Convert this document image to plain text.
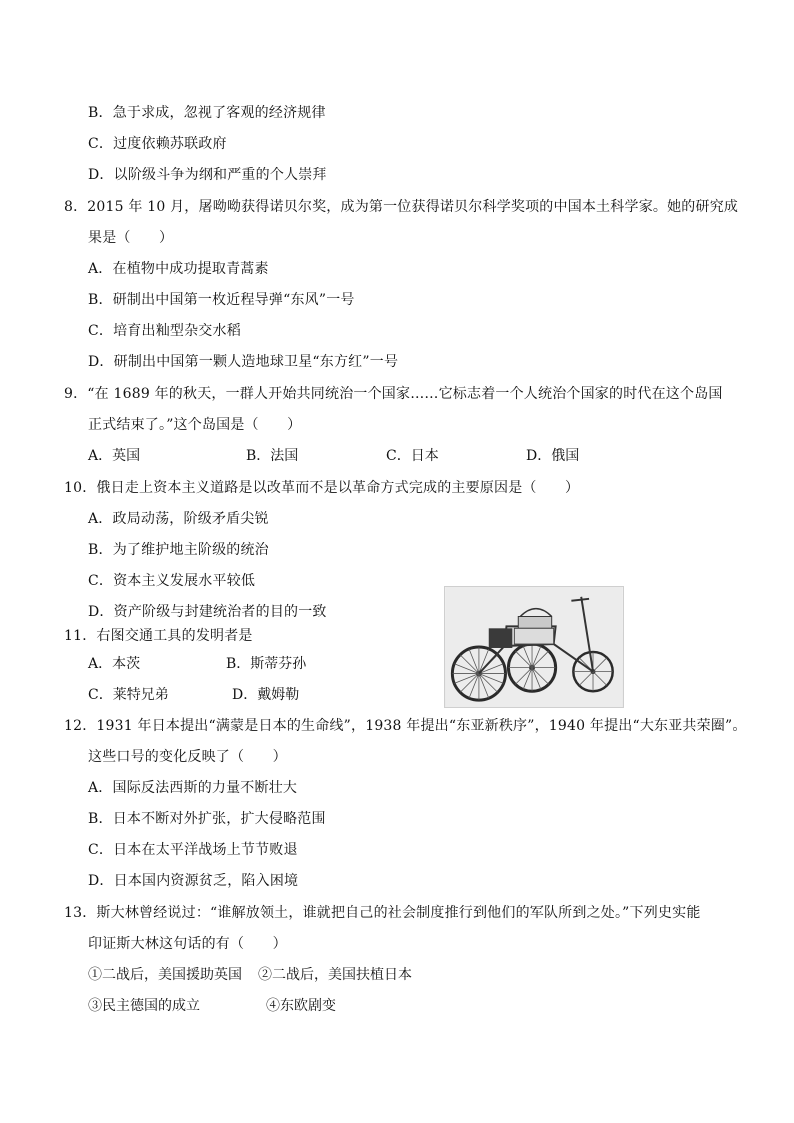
B．急于求成，忽视了客观的经济规律
C．过度依赖苏联政府
D．以阶级斗争为纲和严重的个人崇拜
8．2015 年 10 月，屠呦呦获得诺贝尔奖，成为第一位获得诺贝尔科学奖项的中国本土科学家。她的研究成
果是（　　）
A．在植物中成功提取青蒿素
B．研制出中国第一枚近程导弹“东风”一号
C．培育出籼型杂交水稻
D．研制出中国第一颗人造地球卫星“东方红”一号
9．“在 1689 年的秋天，一群人开始共同统治一个国家……它标志着一个人统治个国家的时代在这个岛国
正式结束了。”这个岛国是（　　）
A．英国	B．法国	C．日本	D．俄国
10．俄日走上资本主义道路是以改革而不是以革命方式完成的主要原因是（　　）
A．政局动荡，阶级矛盾尖锐
B．为了维护地主阶级的统治
C．资本主义发展水平较低
D．资产阶级与封建统治者的目的一致
11．右图交通工具的发明者是
A．本茨	B．斯蒂芬孙
C．莱特兄弟	D．戴姆勒
12．1931 年日本提出“满蒙是日本的生命线”，1938 年提出“东亚新秩序”，1940 年提出“大东亚共荣圈”。
这些口号的变化反映了（　　）
A．国际反法西斯的力量不断壮大
B．日本不断对外扩张，扩大侵略范围
C．日本在太平洋战场上节节败退
D．日本国内资源贫乏，陷入困境
13．斯大林曾经说过：“谁解放领土，谁就把自己的社会制度推行到他们的军队所到之处。”下列史实能
印证斯大林这句话的有（　　）
①二战后，美国援助英国 ②二战后，美国扶植日本
③民主德国的成立	④东欧剧变
